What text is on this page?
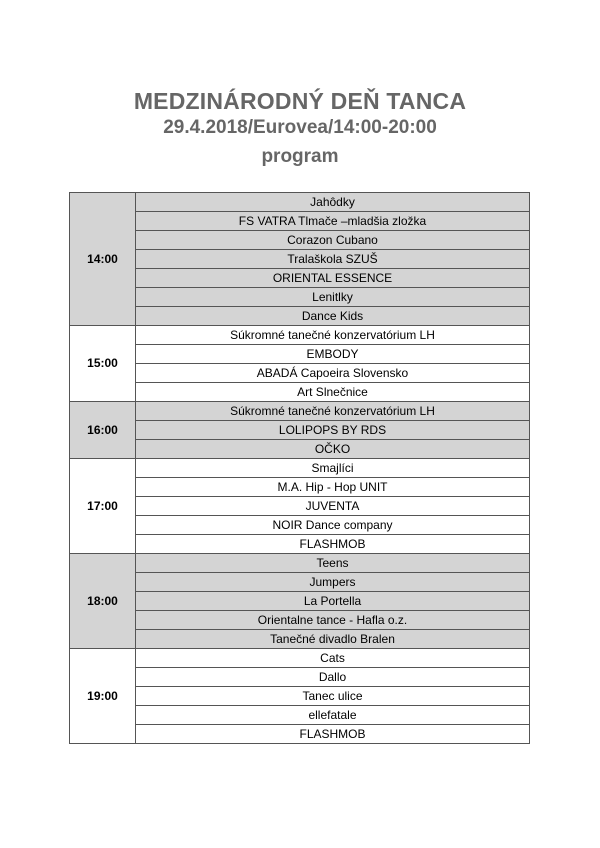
MEDZINÁRODNÝ DEŇ TANCA
29.4.2018/Eurovea/14:00-20:00
program
14:00	Jahôdky
	FS VATRA Tlmače –mladšia zložka
	Corazon Cubano
	Tralaškola SZUŠ
	ORIENTAL ESSENCE
	Lenitlky
	Dance Kids
15:00	Súkromné tanečné konzervatórium LH
	EMBODY
	ABADÁ Capoeira Slovensko
	Art Slnečnice
16:00	Súkromné tanečné konzervatórium LH
	LOLIPOPS BY RDS
	OČKO
17:00	Smajlíci
	M.A. Hip - Hop UNIT
	JUVENTA
	NOIR Dance company
	FLASHMOB
18:00	Teens
	Jumpers
	La Portella
	Orientalne tance - Hafla o.z.
	Tanečné divadlo Bralen
19:00	Cats
	Dallo
	Tanec ulice
	ellefatale
	FLASHMOB
